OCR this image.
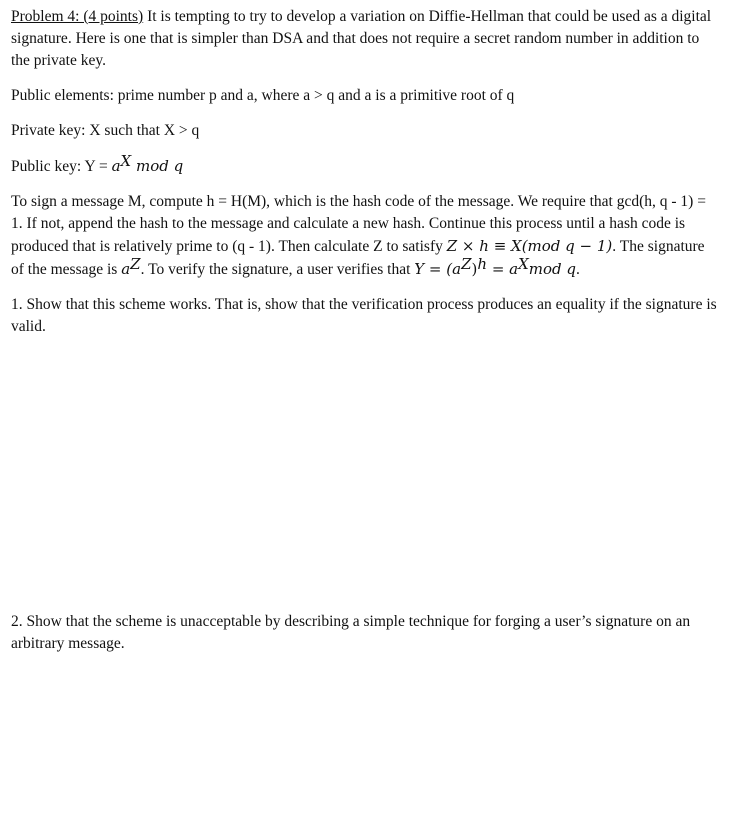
Problem 4: (4 points) It is tempting to try to develop a variation on Diffie-Hellman that could be used as a digital signature. Here is one that is simpler than DSA and that does not require a secret random number in addition to the private key.

Public elements: prime number p and a, where a > q and a is a primitive root of q

Private key: X such that X > q

Public key: $Y = a^X$ mod q

To sign a message M, compute h = H(M), which is the hash code of the message. We require that gcd(h, q - 1) = 1. If not, append the hash to the message and calculate a new hash. Continue this process until a hash code is produced that is relatively prime to (q - 1). Then calculate Z to satisfy Z × h ≡ X(mod q − 1). The signature of the message is $a^Z$. To verify the signature, a user verifies that $Y = (a^Z)^h = a^Xmod$ q.

1. Show that this scheme works. That is, show that the verification process produces an equality if the signature is valid.

2. Show that the scheme is unacceptable by describing a simple technique for forging a user’s signature on an arbitrary message.
